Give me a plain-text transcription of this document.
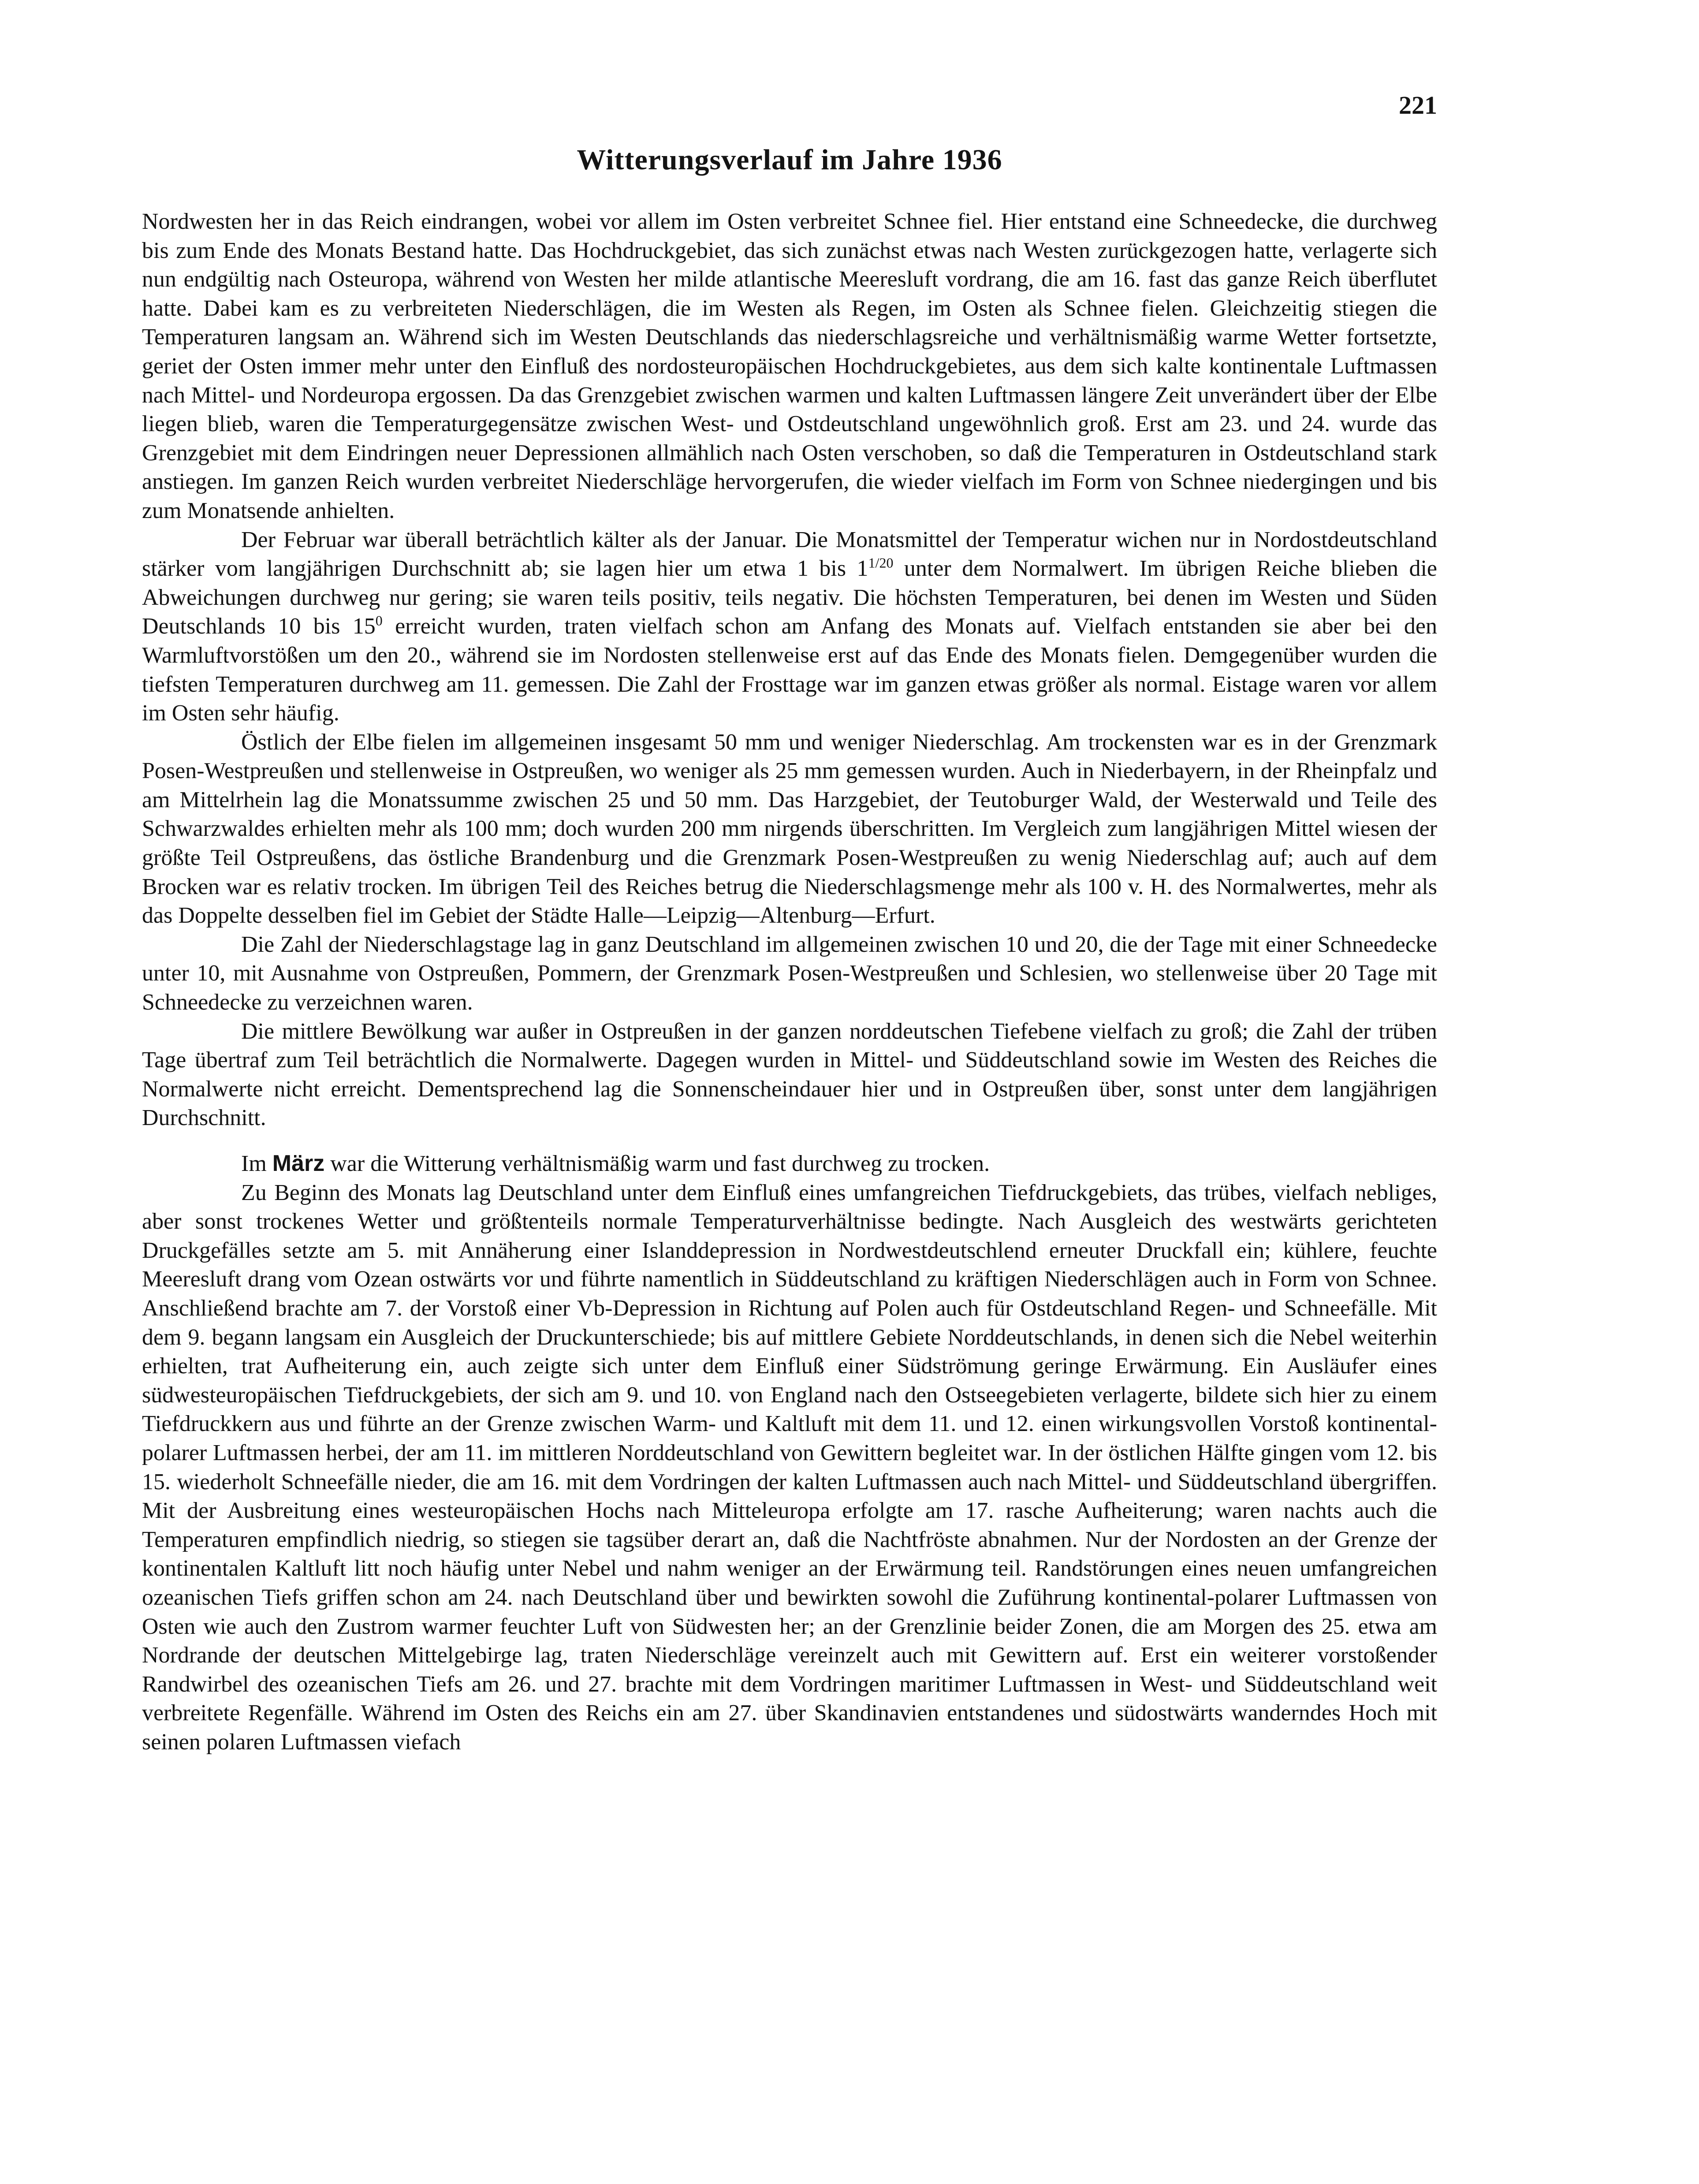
221
Witterungsverlauf im Jahre 1936

Nordwesten her in das Reich eindrangen, wobei vor allem im Osten verbreitet Schnee fiel. Hier entstand eine Schneedecke, die durchweg bis zum Ende des Monats Bestand hatte. Das Hochdruckgebiet, das sich zunächst etwas nach Westen zurückgezogen hatte, verlagerte sich nun endgültig nach Osteuropa, während von Westen her milde atlantische Meeresluft vordrang, die am 16. fast das ganze Reich überflutet hatte. Dabei kam es zu verbreiteten Niederschlägen, die im Westen als Regen, im Osten als Schnee fielen. Gleichzeitig stiegen die Temperaturen langsam an. Während sich im Westen Deutschlands das niederschlagsreiche und verhältnismäßig warme Wetter fortsetzte, geriet der Osten immer mehr unter den Einfluß des nordosteuropäischen Hochdruckgebietes, aus dem sich kalte kontinentale Luftmassen nach Mittel- und Nordeuropa ergossen. Da das Grenzgebiet zwischen warmen und kalten Luftmassen längere Zeit unverändert über der Elbe liegen blieb, waren die Temperaturgegensätze zwischen West- und Ostdeutschland ungewöhnlich groß. Erst am 23. und 24. wurde das Grenzgebiet mit dem Eindringen neuer Depressionen allmählich nach Osten verschoben, so daß die Temperaturen in Ostdeutschland stark anstiegen. Im ganzen Reich wurden verbreitet Niederschläge hervorgerufen, die wieder vielfach im Form von Schnee niedergingen und bis zum Monatsende anhielten.

Der Februar war überall beträchtlich kälter als der Januar. Die Monatsmittel der Temperatur wichen nur in Nordostdeutschland stärker vom langjährigen Durchschnitt ab; sie lagen hier um etwa 1 bis $1^{1/20}$ unter dem Normalwert. Im übrigen Reiche blieben die Abweichungen durchweg nur gering; sie waren teils positiv, teils negativ. Die höchsten Temperaturen, bei denen im Westen und Süden Deutschlands 10 bis $15^0$ erreicht wurden, traten vielfach schon am Anfang des Monats auf. Vielfach entstanden sie aber bei den Warmluftvorstößen um den 20., während sie im Nordosten stellenweise erst auf das Ende des Monats fielen. Demgegenüber wurden die tiefsten Temperaturen durchweg am 11. gemessen. Die Zahl der Frosttage war im ganzen etwas größer als normal. Eistage waren vor allem im Osten sehr häufig.

Östlich der Elbe fielen im allgemeinen insgesamt 50 mm und weniger Niederschlag. Am trockensten war es in der Grenzmark Posen-Westpreußen und stellenweise in Ostpreußen, wo weniger als 25 mm gemessen wurden. Auch in Niederbayern, in der Rheinpfalz und am Mittelrhein lag die Monatssumme zwischen 25 und 50 mm. Das Harzgebiet, der Teutoburger Wald, der Westerwald und Teile des Schwarzwaldes erhielten mehr als 100 mm; doch wurden 200 mm nirgends überschritten. Im Vergleich zum langjährigen Mittel wiesen der größte Teil Ostpreußens, das östliche Brandenburg und die Grenzmark Posen-Westpreußen zu wenig Niederschlag auf; auch auf dem Brocken war es relativ trocken. Im übrigen Teil des Reiches betrug die Niederschlagsmenge mehr als 100 v. H. des Normalwertes, mehr als das Doppelte desselben fiel im Gebiet der Städte Halle—Leipzig—Altenburg—Erfurt.

Die Zahl der Niederschlagstage lag in ganz Deutschland im allgemeinen zwischen 10 und 20, die der Tage mit einer Schneedecke unter 10, mit Ausnahme von Ostpreußen, Pommern, der Grenzmark Posen-Westpreußen und Schlesien, wo stellenweise über 20 Tage mit Schneedecke zu verzeichnen waren.

Die mittlere Bewölkung war außer in Ostpreußen in der ganzen norddeutschen Tiefebene vielfach zu groß; die Zahl der trüben Tage übertraf zum Teil beträchtlich die Normalwerte. Dagegen wurden in Mittel- und Süddeutschland sowie im Westen des Reiches die Normalwerte nicht erreicht. Dementsprechend lag die Sonnenscheindauer hier und in Ostpreußen über, sonst unter dem langjährigen Durchschnitt.

Im März war die Witterung verhältnismäßig warm und fast durchweg zu trocken.

Zu Beginn des Monats lag Deutschland unter dem Einfluß eines umfangreichen Tiefdruckgebiets, das trübes, vielfach nebliges, aber sonst trockenes Wetter und größtenteils normale Temperaturverhältnisse bedingte. Nach Ausgleich des westwärts gerichteten Druckgefälles setzte am 5. mit Annäherung einer Islanddepression in Nordwestdeutschlend erneuter Druckfall ein; kühlere, feuchte Meeresluft drang vom Ozean ostwärts vor und führte namentlich in Süddeutschland zu kräftigen Niederschlägen auch in Form von Schnee. Anschließend brachte am 7. der Vorstoß einer Vb-Depression in Richtung auf Polen auch für Ostdeutschland Regen- und Schneefälle. Mit dem 9. begann langsam ein Ausgleich der Druckunterschiede; bis auf mittlere Gebiete Norddeutschlands, in denen sich die Nebel weiterhin erhielten, trat Aufheiterung ein, auch zeigte sich unter dem Einfluß einer Südströmung geringe Erwärmung. Ein Ausläufer eines südwesteuropäischen Tiefdruckgebiets, der sich am 9. und 10. von England nach den Ostseegebieten verlagerte, bildete sich hier zu einem Tiefdruckkern aus und führte an der Grenze zwischen Warm- und Kaltluft mit dem 11. und 12. einen wirkungsvollen Vorstoß kontinental-polarer Luftmassen herbei, der am 11. im mittleren Norddeutschland von Gewittern begleitet war. In der östlichen Hälfte gingen vom 12. bis 15. wiederholt Schneefälle nieder, die am 16. mit dem Vordringen der kalten Luftmassen auch nach Mittel- und Süddeutschland übergriffen. Mit der Ausbreitung eines westeuropäischen Hochs nach Mitteleuropa erfolgte am 17. rasche Aufheiterung; waren nachts auch die Temperaturen empfindlich niedrig, so stiegen sie tagsüber derart an, daß die Nachtfröste abnahmen. Nur der Nordosten an der Grenze der kontinentalen Kaltluft litt noch häufig unter Nebel und nahm weniger an der Erwärmung teil. Randstörungen eines neuen umfangreichen ozeanischen Tiefs griffen schon am 24. nach Deutschland über und bewirkten sowohl die Zuführung kontinental-polarer Luftmassen von Osten wie auch den Zustrom warmer feuchter Luft von Südwesten her; an der Grenzlinie beider Zonen, die am Morgen des 25. etwa am Nordrande der deutschen Mittelgebirge lag, traten Niederschläge vereinzelt auch mit Gewittern auf. Erst ein weiterer vorstoßender Randwirbel des ozeanischen Tiefs am 26. und 27. brachte mit dem Vordringen maritimer Luftmassen in West- und Süddeutschland weit verbreitete Regenfälle. Während im Osten des Reichs ein am 27. über Skandinavien entstandenes und südostwärts wanderndes Hoch mit seinen polaren Luftmassen viefach
